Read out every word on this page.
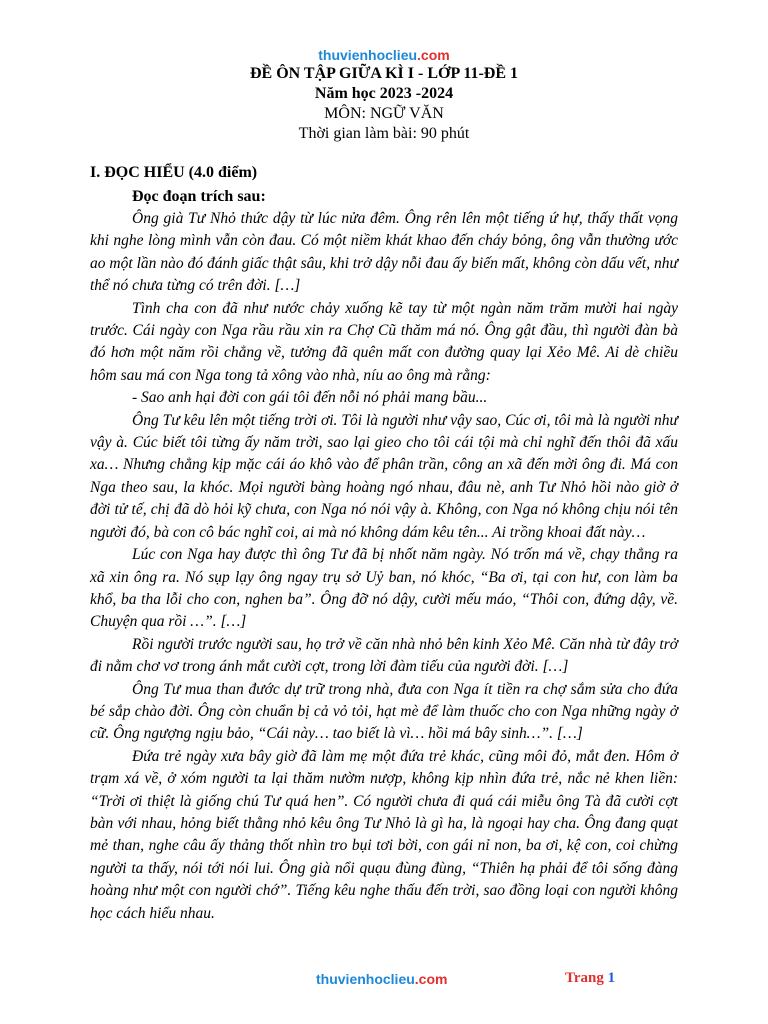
thuvienhoclieu.com
ĐỀ ÔN TẬP GIỮA KÌ I - LỚP 11-ĐỀ 1
Năm học 2023 -2024
MÔN: NGỮ VĂN
Thời gian làm bài: 90 phút

I. ĐỌC HIỂU (4.0 điểm)

Đọc đoạn trích sau:

Ông già Tư Nhỏ thức dậy từ lúc nửa đêm. Ông rên lên một tiếng ứ hự, thấy thất vọng khi nghe lòng mình vẫn còn đau. Có một niềm khát khao đến cháy bỏng, ông vẫn thường ước ao một lần nào đó đánh giấc thật sâu, khi trở dậy nỗi đau ấy biến mất, không còn dấu vết, như thể nó chưa từng có trên đời. […]

Tình cha con đã như nước chảy xuống kẽ tay từ một ngàn năm trăm mười hai ngày trước. Cái ngày con Nga rầu rầu xin ra Chợ Cũ thăm má nó. Ông gật đầu, thì người đàn bà đó hơn một năm rồi chẳng về, tưởng đã quên mất con đường quay lại Xẻo Mê. Ai dè chiều hôm sau má con Nga tong tả xông vào nhà, níu ao ông mà rằng:

- Sao anh hại đời con gái tôi đến nỗi nó phải mang bầu...

Ông Tư kêu lên một tiếng trời ơi. Tôi là người như vậy sao, Cúc ơi, tôi mà là người như vậy à. Cúc biết tôi từng ấy năm trời, sao lại gieo cho tôi cái tội mà chỉ nghĩ đến thôi đã xấu xa… Nhưng chẳng kịp mặc cái áo khô vào để phân trần, công an xã đến mời ông đi. Má con Nga theo sau, la khóc. Mọi người bàng hoàng ngó nhau, đâu nè, anh Tư Nhỏ hồi nào giờ ở đời tử tế, chị đã dò hỏi kỹ chưa, con Nga nó nói vậy à. Không, con Nga nó không chịu nói tên người đó, bà con cô bác nghĩ coi, ai mà nó không dám kêu tên... Ai trồng khoai đất này…

Lúc con Nga hay được thì ông Tư đã bị nhốt năm ngày. Nó trốn má về, chạy thẳng ra xã xin ông ra. Nó sụp lạy ông ngay trụ sở Uỷ ban, nó khóc, “Ba ơi, tại con hư, con làm ba khổ, ba tha lỗi cho con, nghen ba”. Ông đỡ nó dậy, cười mếu máo, “Thôi con, đứng dậy, về. Chuyện qua rồi …”. […]

Rồi người trước người sau, họ trở về căn nhà nhỏ bên kinh Xẻo Mê. Căn nhà từ đây trở đi nằm chơ vơ trong ánh mắt cười cợt, trong lời đàm tiếu của người đời. […]

Ông Tư mua than đước dự trữ trong nhà, đưa con Nga ít tiền ra chợ sắm sửa cho đứa bé sắp chào đời. Ông còn chuẩn bị cả vỏ tỏi, hạt mè để làm thuốc cho con Nga những ngày ở cữ. Ông ngượng ngịu bảo, “Cái này… tao biết là vì… hồi má bây sinh…”. […]

Đứa trẻ ngày xưa bây giờ đã làm mẹ một đứa trẻ khác, cũng môi đỏ, mắt đen. Hôm ở trạm xá về, ở xóm người ta lại thăm nườm nượp, không kịp nhìn đứa trẻ, nắc nẻ khen liền: “Trời ơi thiệt là giống chú Tư quá hen”. Có người chưa đi quá cái miễu ông Tà đã cười cợt bàn với nhau, hỏng biết thằng nhỏ kêu ông Tư Nhỏ là gì ha, là ngoại hay cha. Ông đang quạt mẻ than, nghe câu ấy thảng thốt nhìn tro bụi tơi bời, con gái nỉ non, ba ơi, kệ con, coi chừng người ta thấy, nói tới nói lui. Ông già nổi quạu đùng đùng, “Thiên hạ phải để tôi sống đàng hoàng như một con người chớ”. Tiếng kêu nghe thấu đến trời, sao đồng loại con người không học cách hiểu nhau.

thuvienhoclieu.com	Trang 1
